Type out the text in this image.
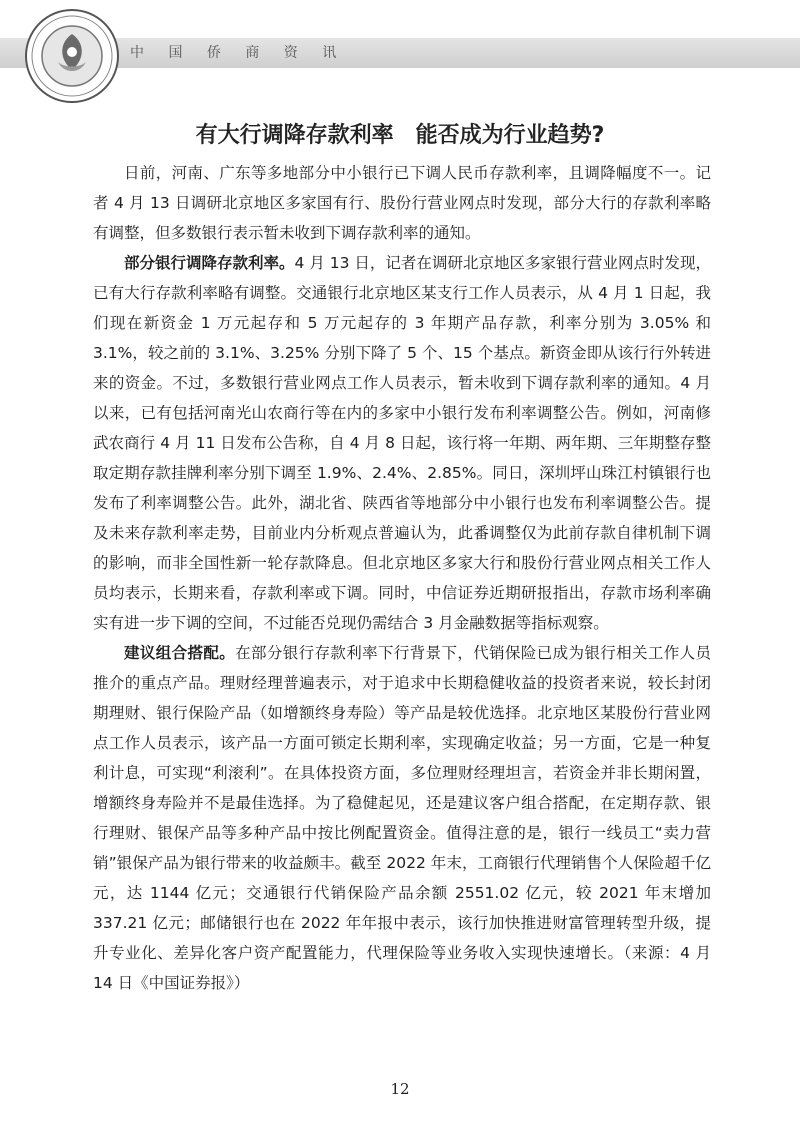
中 国 侨 商 资 讯
有大行调降存款利率　能否成为行业趋势?

日前，河南、广东等多地部分中小银行已下调人民币存款利率，且调降幅度不一。记者 4 月 13 日调研北京地区多家国有行、股份行营业网点时发现，部分大行的存款利率略有调整，但多数银行表示暂未收到下调存款利率的通知。

部分银行调降存款利率。4 月 13 日，记者在调研北京地区多家银行营业网点时发现，已有大行存款利率略有调整。交通银行北京地区某支行工作人员表示，从 4 月 1 日起，我们现在新资金 1 万元起存和 5 万元起存的 3 年期产品存款，利率分别为 3.05% 和 3.1%，较之前的 3.1%、3.25% 分别下降了 5 个、15 个基点。新资金即从该行行外转进来的资金。不过，多数银行营业网点工作人员表示，暂未收到下调存款利率的通知。4 月以来，已有包括河南光山农商行等在内的多家中小银行发布利率调整公告。例如，河南修武农商行 4 月 11 日发布公告称，自 4 月 8 日起，该行将一年期、两年期、三年期整存整取定期存款挂牌利率分别下调至 1.9%、2.4%、2.85%。同日，深圳坪山珠江村镇银行也发布了利率调整公告。此外，湖北省、陕西省等地部分中小银行也发布利率调整公告。提及未来存款利率走势，目前业内分析观点普遍认为，此番调整仅为此前存款自律机制下调的影响，而非全国性新一轮存款降息。但北京地区多家大行和股份行营业网点相关工作人员均表示，长期来看，存款利率或下调。同时，中信证券近期研报指出，存款市场利率确实有进一步下调的空间，不过能否兑现仍需结合 3 月金融数据等指标观察。

建议组合搭配。在部分银行存款利率下行背景下，代销保险已成为银行相关工作人员推介的重点产品。理财经理普遍表示，对于追求中长期稳健收益的投资者来说，较长封闭期理财、银行保险产品（如增额终身寿险）等产品是较优选择。北京地区某股份行营业网点工作人员表示，该产品一方面可锁定长期利率，实现确定收益；另一方面，它是一种复利计息，可实现“利滚利”。在具体投资方面，多位理财经理坦言，若资金并非长期闲置，增额终身寿险并不是最佳选择。为了稳健起见，还是建议客户组合搭配，在定期存款、银行理财、银保产品等多种产品中按比例配置资金。值得注意的是，银行一线员工“卖力营销”银保产品为银行带来的收益颇丰。截至 2022 年末，工商银行代理销售个人保险超千亿元，达 1144 亿元；交通银行代销保险产品余额 2551.02 亿元，较 2021 年末增加 337.21 亿元；邮储银行也在 2022 年年报中表示，该行加快推进财富管理转型升级，提升专业化、差异化客户资产配置能力，代理保险等业务收入实现快速增长。（来源：4 月 14 日《中国证券报》）

12
